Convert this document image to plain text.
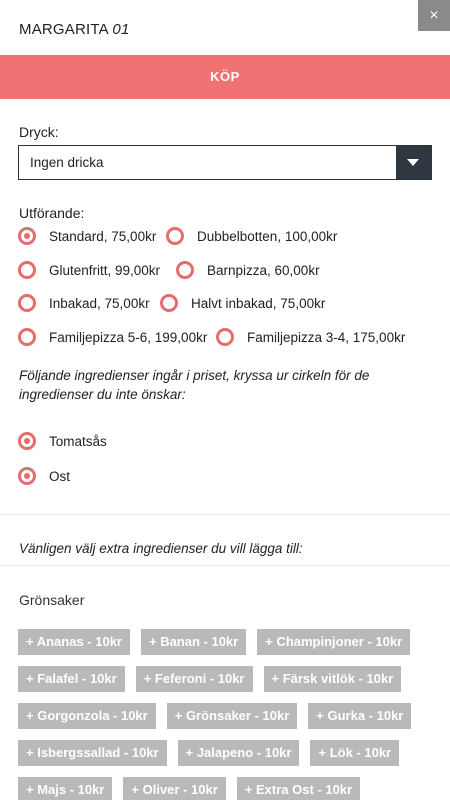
MARGARITA 01
×
KÖP
Dryck:
Ingen dricka
Utförande:
Standard, 75,00kr	Dubbelbotten, 100,00kr
Glutenfritt, 99,00kr	Barnpizza, 60,00kr
Inbakad, 75,00kr	Halvt inbakad, 75,00kr
Familjepizza 5-6, 199,00kr	Familjepizza 3-4, 175,00kr
Följande ingredienser ingår i priset, kryssa ur cirkeln för de
ingredienser du inte önskar:
Tomatsås
Ost
Vänligen välj extra ingredienser du vill lägga till:
Grönsaker
+ Ananas - 10kr	+ Banan - 10kr	+ Champinjoner - 10kr
+ Falafel - 10kr	+ Feferoni - 10kr	+ Färsk vitlök - 10kr
+ Gorgonzola - 10kr	+ Grönsaker - 10kr	+ Gurka - 10kr
+ Isbergssallad - 10kr	+ Jalapeno - 10kr	+ Lök - 10kr
+ Majs - 10kr	+ Oliver - 10kr	+ Extra Ost - 10kr
